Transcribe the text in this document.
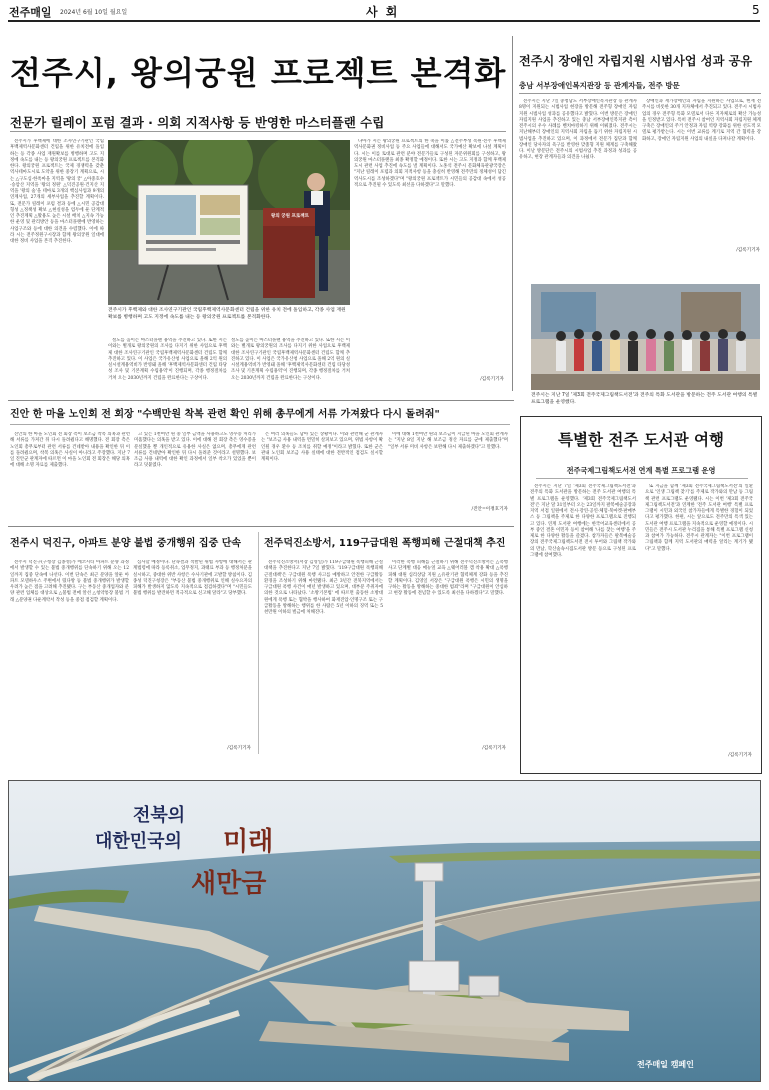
전주매일 2024년 6월 10일 월요일	사 회	5
전주시, 왕의궁원 프로젝트 본격화
전문가 릴레이 포럼 결과 · 의회 지적사항 등 반영한 마스터플랜 수립

전주시가 후백제에 대한 조사연구기관인 국립후백제역사문화센터 건립을 위한 유치전에 돌입하는 등 각종 사업 재원확보를 병행하며 고도 지정에 속도를 내는 등 왕의궁원 프로젝트를 본격화한다. 왕의궁원 프로젝트는 국제 경쟁력을 갖춘 역사테마도시로 도약을 위한 중장기 계획으로, 시는 △구도심·한옥마을 지역을 '왕의 궁' △아중호수·승암산 지역을 '왕의 정원' △덕진공원·건지산 지역을 '왕의 숲'을 테마로 3개의 핵심사업과 9개의 연계사업, 27개의 세부사업을 추진할 계획이다. 또, 전문가 릴레이 포럼 결과 등에 △시민 공감대 형성 △정책성 확보 △현실성을 염두에 둔 단계적인 추진계획 △활용도 높은 시설 배치 △지속 가능한 운영 및 관리방안 등을 마스터플랜에 반영하는 사업구조와 등에 대한 의견을 수렴했다. 이에 따라 시는 전주정원구시장과 함께 왕의궁원 일대에 대한 정비 사업을 본격 추진한다.

왕의 궁원 프로젝트
전주시가 후백제와 대한 조사연구기관인 국립후백제역사문화센터 건립을 위한 유치 전에 돌입하고, 각종 사업 재원확보를 병행하며 고도 지정에 속도를 내는 등 왕의궁원 프로젝트를 본격화한다.

설도를 높이는 마스터플랜 용역을 추진하고 있다. 또한 시는 이와는 별개로 왕의궁원의 조사를 다지기 위한 사업으로 후백제 대한 조사연구기관인 국립후백제역사문화센터 건립도 함께 추진하고 있다. 이 사업은 국가유산청 사업으로 올해 2억 원의 실시설계용역비가 반영돼 올해 '후백제역사문화센터 건립 타당성 조사 및 기본계획 수립용역'이 진행되며, 각종 행정절차를 거쳐 오는 2030년까지 건립을 완료한다는 구상이다.

설도를 높이는 마스터플랜 용역을 추진하고 있다. 또한 시는 이와는 별개로 왕의궁원의 조사를 다지기 위한 사업으로 후백제 대한 조사연구기관인 국립후백제역사문화센터 건립도 함께 추진하고 있다. 이 사업은 국가유산청 사업으로 올해 2억 원의 실시설계용역비가 반영돼 올해 '후백제역사문화센터 건립 타당성 조사 및 기본계획 수립용역'이 진행되며, 각종 행정절차를 거쳐 오는 2030년까지 건립을 완료한다는 구상이다.

나아가 시는 왕의궁원 프로젝트의 한 축을 이룰 △전주부성 복원·전주 후백제 역사문화권 정비사업 등 주요 사업들에 대해서도 국가예산 확보에 나설 계획이다. 시는 이를 토대로 관련 분야 전문가들로 구성된 자문위원회를 구성하고, 왕의궁원 마스터플랜을 최종 확정할 예정이다. 또한 시는 고도 지정과 함께 후백제 도시 관련 사업 추진에 속도를 낼 계획이다. 노홍석 전주시 문화체육관광국장은 "지난 릴레이 포럼과 의회 지적사항 등을 충실히 반영해 전주만의 정체성이 담긴 역사도시를 조성하겠다"며 "왕의궁원 프로젝트가 시민들의 공감대 속에서 성공적으로 추진될 수 있도록 최선을 다하겠다"고 말했다.

/김록기기자
전주시 장애인 자립지원 시범사업 성과 공유
충남 서부장애인복지관장 등 관계자들, 전주 방문

전주시는 지난 7일 충청남도 서부장애인복지관장 등 관계자 8명이 지원되는 시범사업 현장을 방문해 전주형 장애인 자립지원 시범사업 성과를 공유했다고 밝혔다. 이번 방문은 장애인 자립지원 사업을 추진하고 있는 충남 서부장애인복지관 측이 전주시의 우수 사례를 벤치마킹하기 위해 이뤄졌다. 전주시는 지난해부터 장애인의 지역사회 자립을 돕기 위한 자립지원 시범사업을 추진하고 있으며, 이 과정에서 전문가 집단과 함께 장애인 당사자의 욕구를 반영한 맞춤형 지원 체계를 구축해왔다. 이날 방문단은 전주시의 시범사업 추진 과정과 성과를 공유하고, 현장 관계자들과 의견을 나눴다.

장애인과 재가장애인의 자립을 지원하는 사업으로, 현재 전주시를 비롯한 30개 지자체에서 추진되고 있다. 전주시 시범사업의 경우 전주형 특화 모델로서 다른 지자체로의 확산 가능성을 인정받고 있다. 특히 전주시 참여인 지역사회 자립지원 체계 구축은 장애인의 주거 안정과 자립 역량 강화를 위한 선도적 모델로 평가받는다. 시는 이번 교류를 계기로 지역 간 협력을 강화하고, 장애인 자립지원 사업의 내실을 다져나갈 계획이다.

/김록기기자
전주시는 지난 7일 '제3회 전주국제그림책도서전'과 전주의 특화 도서관을 방문하는 전주 도서관 여행의 특별 프로그램을 운영했다.
진안 한 마을 노인회 전 회장 "수백만원 착복 관련 확인 위해 총무에게 서류 가져왔다 다시 돌려줘"

진안의 한 마을 노인회 전 회장 측이 보조금 착복 의혹과 관련해 서류를 가져간 뒤 다시 돌려줬다고 해명했다. 전 회장 측은 노인회 총무로부터 관련 서류를 건네받아 내용을 확인한 뒤 이를 돌려줬으며, 착복 의혹은 사실이 아니라고 주장했다. 지난 7일 진안군 관계자에 따르면 이 마을 노인회 전 회장은 해당 의혹에 대해 소명 자료를 제출했다.

고 있는 1천여만 원 중 일부 금액을 사용하고도 영수증 처리가 미흡했다는 의혹을 받고 있다. 이에 대해 전 회장 측은 영수증을 분실했을 뿐 개인적으로 유용한 사실은 없으며, 총무에게 관련 서류를 건네받아 확인한 뒤 다시 돌려준 것이라고 설명했다. 보조금 사용 내역에 대한 확인 과정에서 일부 착오가 있었을 뿐이라고 덧붙였다.

은 여러 의혹들도 남아 있는 상황이다. 이와 관련해 군 관계자는 "보조금 사용 내역을 면밀히 살펴보고 있으며, 위법 사항이 확인될 경우 환수 등 조치를 취할 예정"이라고 밝혔다. 또한 군은 관내 노인회 보조금 사용 실태에 대한 전반적인 점검도 실시할 계획이다.

이에 대해 1천여만 원의 보조금이 지급된 마을 노인회 관계자는 "지난 8일 지난 해 보조금 정산 자료를 군에 제출했다"며 "일부 서류 미비 사항은 보완해 다시 제출하겠다"고 말했다.

/진안=이정호기자
특별한 전주 도서관 여행
전주국제그림책도서전 연계 특별 프로그램 운영

전주시는 지난 7일 '제3회 전주국제그림책도서전'과 전주의 특화 도서관을 방문하는 전주 도서관 여행의 특별 프로그램을 운영했다. '제3회 전주국제그림책도서전'은 지난 달 31일부터 오는 23일까지 팔복예술공장과 지역 서점 일원에서 전시·강연·공연·체험·북마켓·판매부스 등 그림책을 주제로 한 다양한 프로그램으로 진행되고 있다. 연계 도서관 여행에는 한국어교육센터에서 공부 중인 결혼 이민자 등이 참여해 '나를 찾는 여행'을 주제로 한 다양한 활동을 즐겼다. 참가자들은 팔복예술공장의 전주국제그림책도서전 전시 투어와 그림책 작가와의 만남, 학산숲속시집도서관 방문 등으로 구성된 프로그램에 참여했다.

또 지금을 함께 '제3회 전주국제그림책도서전'의 일환으로 '인생 그림책 찾기'를 주제로 작가와의 만남 등 그림책 관련 프로그램도 운영됐다. 시는 이번 '제3회 전주국제그림책도서전'과 연계한 '전주 도서관 여행' 특별 프로그램이 시민과 외국인 참가자들에게 특별한 경험이 되었다고 평가했다. 한편, 시는 앞으로도 전주만의 특색 있는 도서관 여행 프로그램을 지속적으로 운영할 예정이다. 시민들은 전주시 도서관 누리집을 통해 특별 프로그램 신청과 참여가 가능하다. 전주시 관계자는 "이번 프로그램이 그림책과 함께 지역 도서관의 매력을 알리는 계기가 됐다"고 말했다.

/김록기기자
전주시 덕진구, 아파트 분양 불법 중개행위 집중 단속

전주시 덕진구(구청장 김종성)가 에코시티 아파트 분양 과정에서 발생할 수 있는 불법 중개행위를 단속하기 위해 오는 12일까지 집중 단속에 나선다. 이번 단속은 최근 분양을 앞둔 아파트 모델하우스 주변에서 떴다방 등 불법 중개행위가 발생할 우려가 높은 점을 고려해 추진됐다. 구는 부동산 중개업자와 분양 관련 업체를 대상으로 △불법 전매 알선 △청약통장 불법 거래 △분양권 다운계약서 작성 등을 중점 점검할 계획이다.

심사할 예정이다. 단속결과 적발된 위법 사항에 대해서는 관계법령에 따라 등록취소, 업무정지, 과태료 부과 등 행정처분을 실시하고, 중대한 위반 사항은 수사기관에 고발할 방침이다. 김종성 덕진구청장은 "부동산 불법 중개행위로 인해 실수요자의 피해가 발생하지 않도록 지속적으로 점검하겠다"며 "시민들도 불법 행위를 발견하면 적극적으로 신고해 달라"고 당부했다.

/김록기기자
전주덕진소방서, 119구급대원 폭행피해 근절대책 추진

전주덕진소방서(서장 김영일)가 119구급대원 폭행피해 근절대책을 추진한다고 지난 7일 밝혔다. '119구급대원 폭행피해 근절대책'은 구급대원 폭행 사고를 예방하고 안전한 구급활동 환경을 조성하기 위해 마련됐다. 최근 3년간 전북지역에서는 구급대원 폭행 사건이 매년 발생하고 있으며, 대부분 주취자에 의한 것으로 나타났다. '소방기본법' 에 따르면 출동한 소방대원에게 폭행 또는 협박을 행사하여 화재진압·인명구조 또는 구급활동을 방해하는 행위를 한 사람은 5년 이하의 징역 또는 5천만원 이하의 벌금에 처해진다.

이러한 폭행 피해를 근절하기 위해 전주덕진소방서는 △폭행사고 단계별 대응 매뉴얼 교육 △웨어러블 캠 착용 확대 △폭행 피해 대원 심리상담 지원 △유관기관 협력체계 강화 등을 추진할 계획이다. 김영일 서장은 "구급대원 폭행은 시민의 생명을 구하는 활동을 방해하는 중대한 범죄"라며 "구급대원이 안심하고 현장 활동에 전념할 수 있도록 최선을 다하겠다"고 말했다.

/김록기기자
전북의
대한민국의 미래
새만금
전주매일 캠페인
